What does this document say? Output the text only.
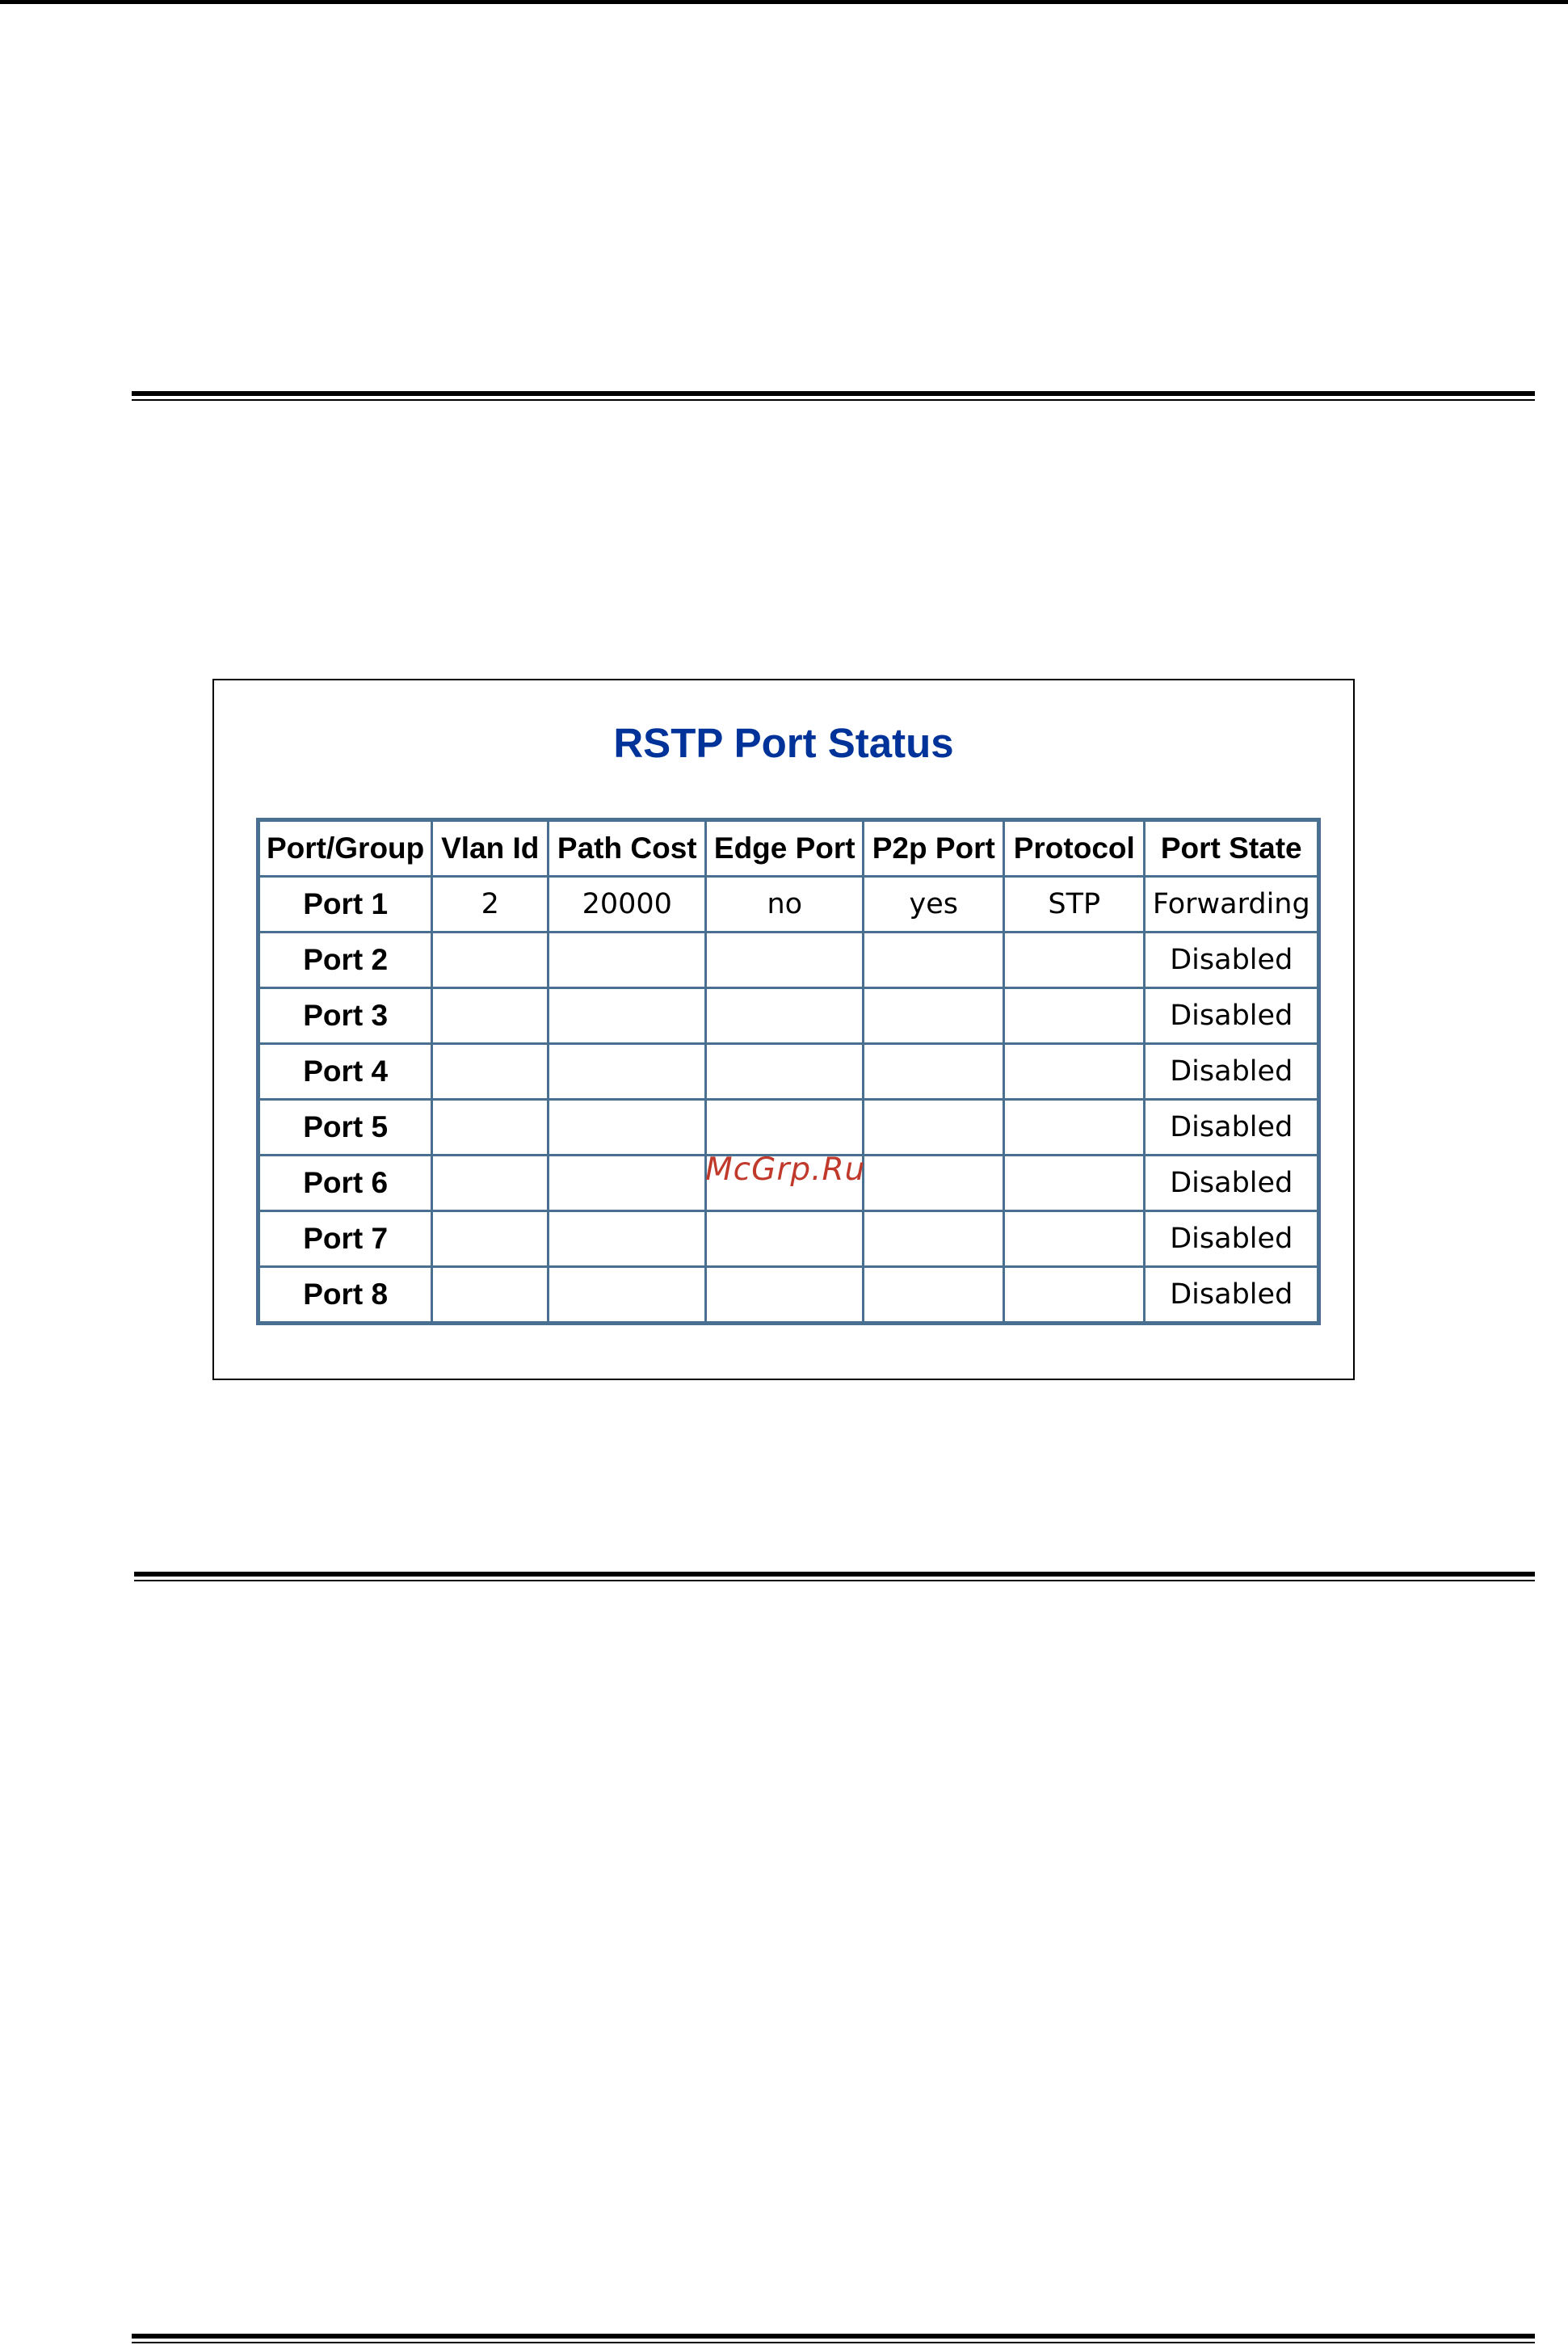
RSTP Port Status
Port/Group	Vlan Id	Path Cost	Edge Port	P2p Port	Protocol	Port State
Port 1	2	20000	no	yes	STP	Forwarding
Port 2						Disabled
Port 3						Disabled
Port 4						Disabled
Port 5						Disabled
Port 6						Disabled
Port 7						Disabled
Port 8						Disabled
McGrp.Ru
